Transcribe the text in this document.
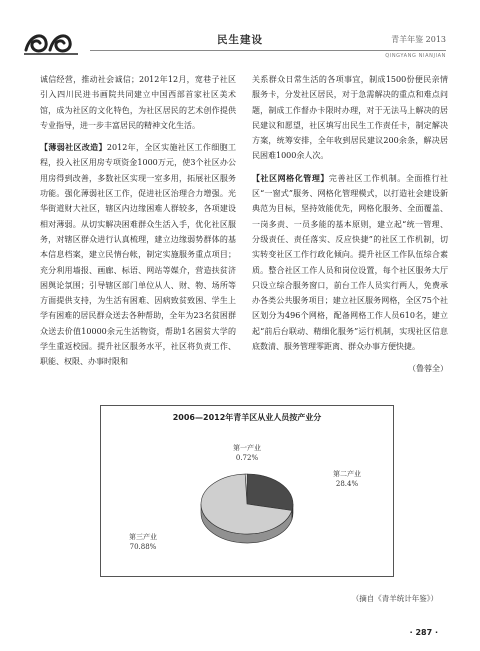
民生建设	青羊年鉴 2013
QINGYANG NIANJIAN

诚信经营，推动社会诚信；2012年12月，宽巷子社区引入四川民进书画院共同建立中国西部首家社区美术馆，成为社区的文化特色，为社区居民的艺术创作提供专业指导，进一步丰富居民的精神文化生活。

【薄弱社区改造】2012年，全区实施社区工作细胞工程，投入社区用房专项资金1000万元，使3个社区办公用房得到改善，多数社区实现一室多用，拓展社区服务功能。强化薄弱社区工作，促进社区治理合力增强。光华街道财大社区，辖区内边缘困难人群较多，各项建设相对薄弱。从切实解决困难群众生活入手，优化社区服务，对辖区群众进行认真梳理，建立边缘弱势群体的基本信息档案，建立民情台帐，制定实施服务重点项目；充分利用墙报、画廊、标语、网站等媒介，营造扶贫济困舆论氛围；引导辖区部门单位从人、财、物、场所等方面提供支持，为生活有困难、因病致贫致困、学生上学有困难的居民群众送去各种帮助，全年为23名贫困群众送去价值10000余元生活物资，帮助1名困贫大学的学生重返校园。提升社区服务水平，社区将负责工作、职能、权限、办事时限和

关系群众日常生活的各项事宜，制成1500份便民亲情服务卡，分发社区居民，对于急需解决的重点和难点问题，制成工作督办卡限时办理，对于无法马上解决的居民建议和愿望，社区填写出民生工作责任卡，制定解决方案，统筹安排，全年收到居民建议200余条，解决居民困难1000余人次。

【社区网格化管理】完善社区工作机制。全面推行社区“一窗式”服务、网格化管理模式，以打造社会建设新典范为目标，坚持效能优先，网格化服务、全面覆盖、一岗多责、一员多能的基本原则，建立起“统一管理、分级责任、责任落实、反应快捷”的社区工作机制，切实转变社区工作行政化倾向。提升社区工作队伍综合素质。整合社区工作人员和岗位设置，每个社区服务大厅只设立综合服务窗口，前台工作人员实行两人，免费承办各类公共服务项目；建立社区服务网格，全区75个社区划分为496个网格，配备网格工作人员610名，建立起“前后台联动、精细化服务”运行机制，实现社区信息底数清、服务管理零距离、群众办事方便快捷。

（鲁蓉全）

2006—2012年青羊区从业人员按产业分
第一产业
0.72%
第二产业
28.4%
第三产业
70.88%
（摘自《青羊统计年鉴》）
· 287 ·
